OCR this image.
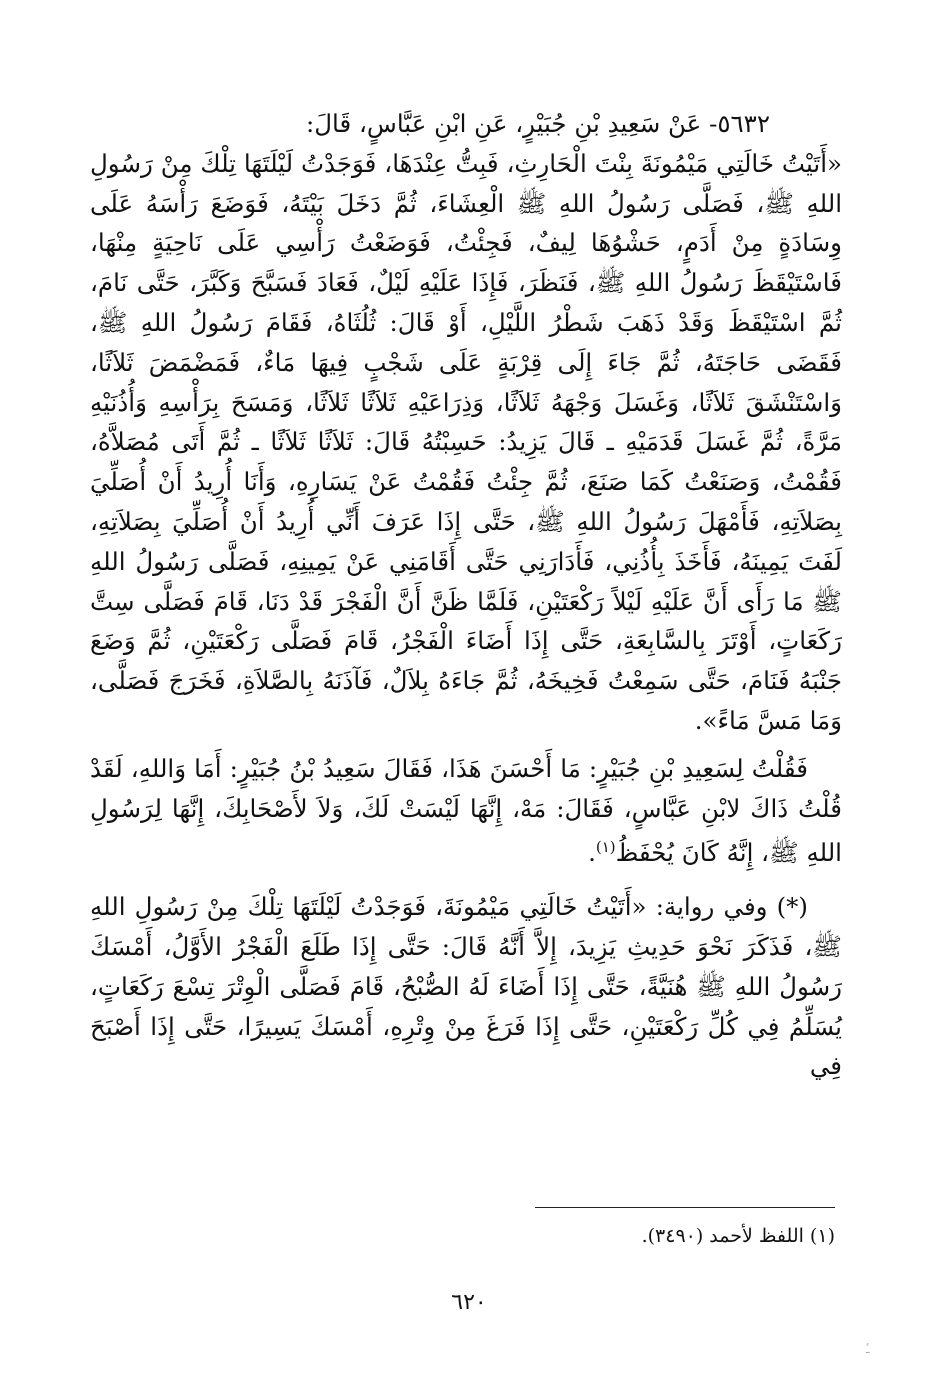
٥٦٣٢- عَنْ سَعِيدِ بْنِ جُبَيْرٍ، عَنِ ابْنِ عَبَّاسٍ، قَالَ:

«أَتَيْتُ خَالَتِي مَيْمُونَةَ بِنْتَ الْحَارِثِ، فَبِتُّ عِنْدَهَا، فَوَجَدْتُ لَيْلَتَهَا تِلْكَ مِنْ رَسُولِ اللهِ ﷺ، فَصَلَّى رَسُولُ اللهِ ﷺ الْعِشَاءَ، ثُمَّ دَخَلَ بَيْتَهُ، فَوَضَعَ رَأْسَهُ عَلَى وِسَادَةٍ مِنْ أَدَمٍ، حَشْوُهَا لِيفٌ، فَجِئْتُ، فَوَضَعْتُ رَأْسِي عَلَى نَاحِيَةٍ مِنْهَا، فَاسْتَيْقَظَ رَسُولُ اللهِ ﷺ، فَنَظَرَ، فَإِذَا عَلَيْهِ لَيْلٌ، فَعَادَ فَسَبَّحَ وَكَبَّرَ، حَتَّى نَامَ، ثُمَّ اسْتَيْقَظَ وَقَدْ ذَهَبَ شَطْرُ اللَّيْلِ، أَوْ قَالَ: ثُلُثَاهُ، فَقَامَ رَسُولُ اللهِ ﷺ، فَقَضَى حَاجَتَهُ، ثُمَّ جَاءَ إِلَى قِرْبَةٍ عَلَى شَجْبٍ فِيهَا مَاءٌ، فَمَضْمَضَ ثَلاَثًا، وَاسْتَنْشَقَ ثَلاَثًا، وَغَسَلَ وَجْهَهُ ثَلاَثًا، وَذِرَاعَيْهِ ثَلاَثًا ثَلاَثًا، وَمَسَحَ بِرَأْسِهِ وَأُذُنَيْهِ مَرَّةً، ثُمَّ غَسَلَ قَدَمَيْهِ ـ قَالَ يَزِيدُ: حَسِبْتُهُ قَالَ: ثَلاَثًا ثَلاَثًا ـ ثُمَّ أَتَى مُصَلاَّهُ، فَقُمْتُ، وَصَنَعْتُ كَمَا صَنَعَ، ثُمَّ جِئْتُ فَقُمْتُ عَنْ يَسَارِهِ، وَأَنَا أُرِيدُ أَنْ أُصَلِّيَ بِصَلاَتِهِ، فَأَمْهَلَ رَسُولُ اللهِ ﷺ، حَتَّى إِذَا عَرَفَ أَنِّي أُرِيدُ أَنْ أُصَلِّيَ بِصَلاَتِهِ، لَفَتَ يَمِينَهُ، فَأَخَذَ بِأُذُنِي، فَأَدَارَنِي حَتَّى أَقَامَنِي عَنْ يَمِينِهِ، فَصَلَّى رَسُولُ اللهِ ﷺ مَا رَأَى أَنَّ عَلَيْهِ لَيْلاً رَكْعَتَيْنِ، فَلَمَّا ظَنَّ أَنَّ الْفَجْرَ قَدْ دَنَا، قَامَ فَصَلَّى سِتَّ رَكَعَاتٍ، أَوْتَرَ بِالسَّابِعَةِ، حَتَّى إِذَا أَضَاءَ الْفَجْرُ، قَامَ فَصَلَّى رَكْعَتَيْنِ، ثُمَّ وَضَعَ جَنْبَهُ فَنَامَ، حَتَّى سَمِعْتُ فَخِيخَهُ، ثُمَّ جَاءَهُ بِلاَلٌ، فَآذَنَهُ بِالصَّلاَةِ، فَخَرَجَ فَصَلَّى، وَمَا مَسَّ مَاءً».

فَقُلْتُ لِسَعِيدِ بْنِ جُبَيْرٍ: مَا أَحْسَنَ هَذَا، فَقَالَ سَعِيدُ بْنُ جُبَيْرٍ: أَمَا وَاللهِ، لَقَدْ قُلْتُ ذَاكَ لابْنِ عَبَّاسٍ، فَقَالَ: مَهْ، إِنَّهَا لَيْسَتْ لَكَ، وَلاَ لأَصْحَابِكَ، إِنَّهَا لِرَسُولِ اللهِ ﷺ، إِنَّهُ كَانَ يُحْفَظُ$^{(١)}$.

(*) وفي رواية: «أَتَيْتُ خَالَتِي مَيْمُونَةَ، فَوَجَدْتُ لَيْلَتَهَا تِلْكَ مِنْ رَسُولِ اللهِ ﷺ، فَذَكَرَ نَحْوَ حَدِيثِ يَزِيدَ، إِلاَّ أَنَّهُ قَالَ: حَتَّى إِذَا طَلَعَ الْفَجْرُ الأَوَّلُ، أَمْسَكَ رَسُولُ اللهِ ﷺ هُنَيَّةً، حَتَّى إِذَا أَضَاءَ لَهُ الصُّبْحُ، قَامَ فَصَلَّى الْوِتْرَ تِسْعَ رَكَعَاتٍ، يُسَلِّمُ فِي كُلِّ رَكْعَتَيْنِ، حَتَّى إِذَا فَرَغَ مِنْ وِتْرِهِ، أَمْسَكَ يَسِيرًا، حَتَّى إِذَا أَصْبَحَ فِي

(١) اللفظ لأحمد (٣٤٩٠).
٦٢٠
ـٔ
